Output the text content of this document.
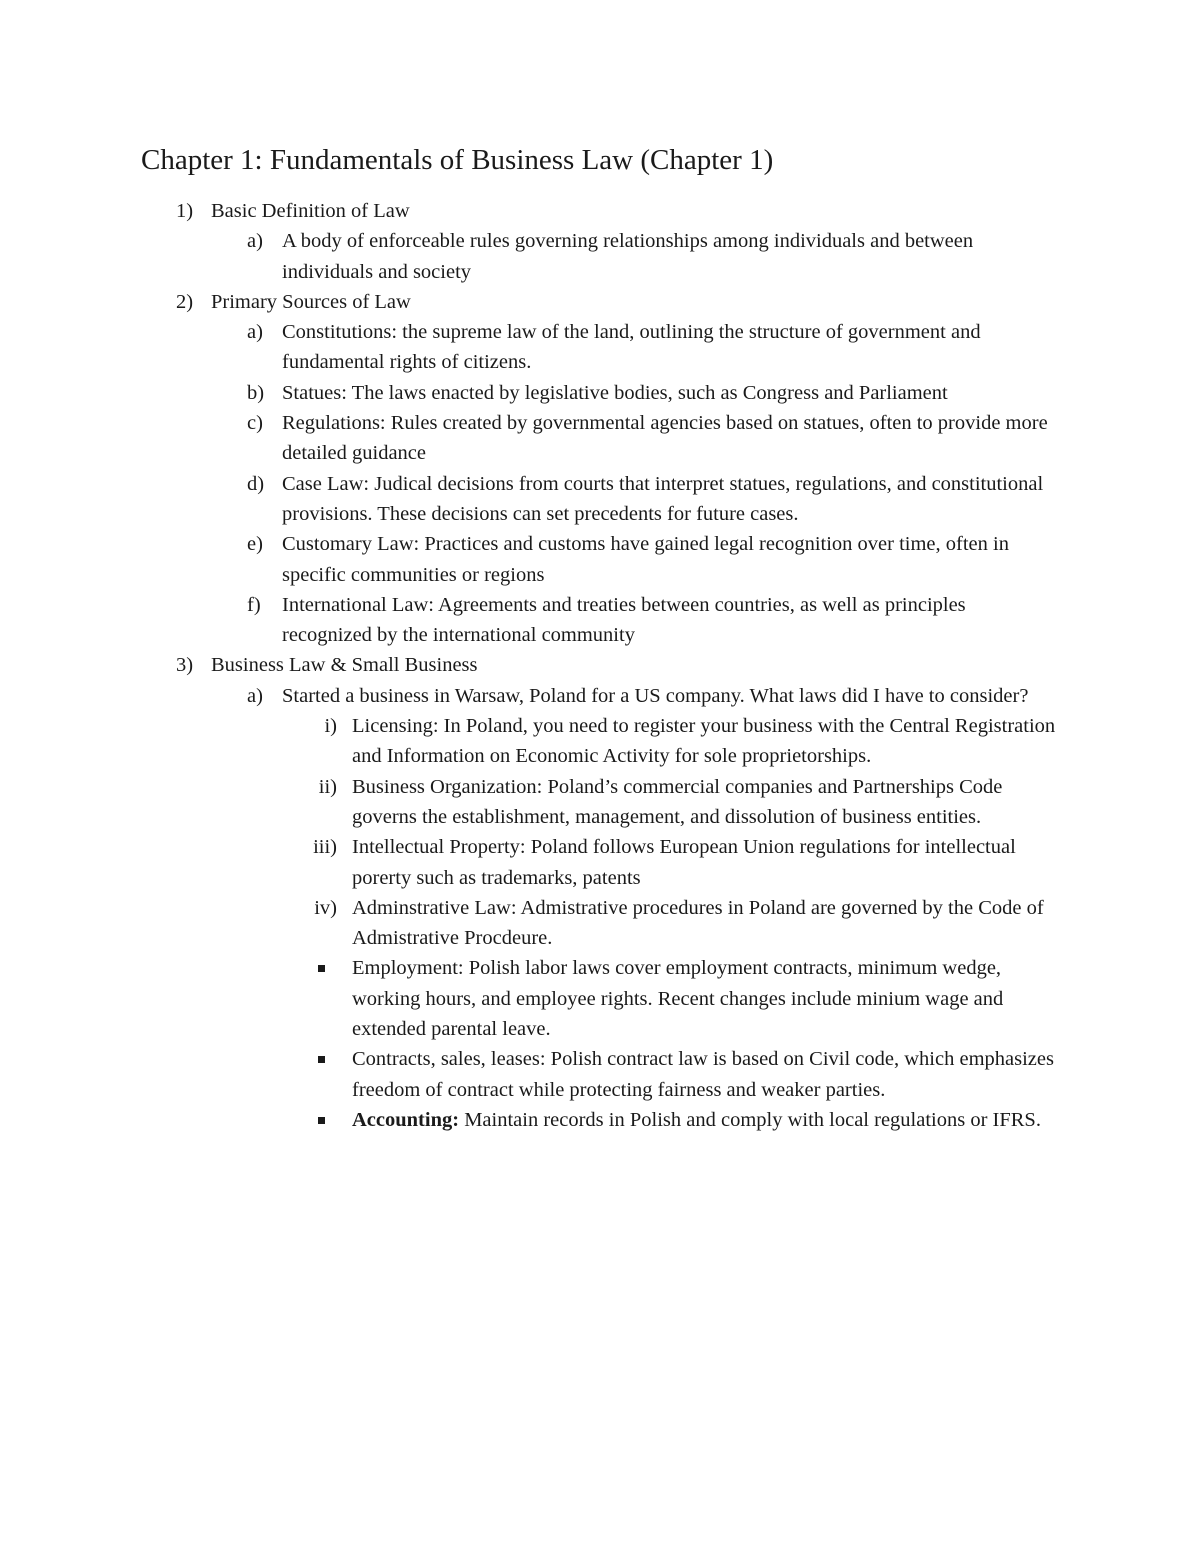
Chapter 1: Fundamentals of Business Law (Chapter 1)
1) Basic Definition of Law
a) A body of enforceable rules governing relationships among individuals and between individuals and society
2) Primary Sources of Law
a) Constitutions: the supreme law of the land, outlining the structure of government and fundamental rights of citizens.
b) Statues: The laws enacted by legislative bodies, such as Congress and Parliament
c) Regulations: Rules created by governmental agencies based on statues, often to provide more detailed guidance
d) Case Law: Judical decisions from courts that interpret statues, regulations, and constitutional provisions. These decisions can set precedents for future cases.
e) Customary Law: Practices and customs have gained legal recognition over time, often in specific communities or regions
f) International Law: Agreements and treaties between countries, as well as principles recognized by the international community
3) Business Law & Small Business
a) Started a business in Warsaw, Poland for a US company. What laws did I have to consider?
i) Licensing: In Poland, you need to register your business with the Central Registration and Information on Economic Activity for sole proprietorships.
ii) Business Organization: Poland’s commercial companies and Partnerships Code governs the establishment, management, and dissolution of business entities.
iii) Intellectual Property: Poland follows European Union regulations for intellectual porerty such as trademarks, patents
iv) Adminstrative Law: Admistrative procedures in Poland are governed by the Code of Admistrative Procdeure.
Employment: Polish labor laws cover employment contracts, minimum wedge, working hours, and employee rights. Recent changes include minium wage and extended parental leave.
Contracts, sales, leases: Polish contract law is based on Civil code, which emphasizes freedom of contract while protecting fairness and weaker parties.
Accounting: Maintain records in Polish and comply with local regulations or IFRS.
